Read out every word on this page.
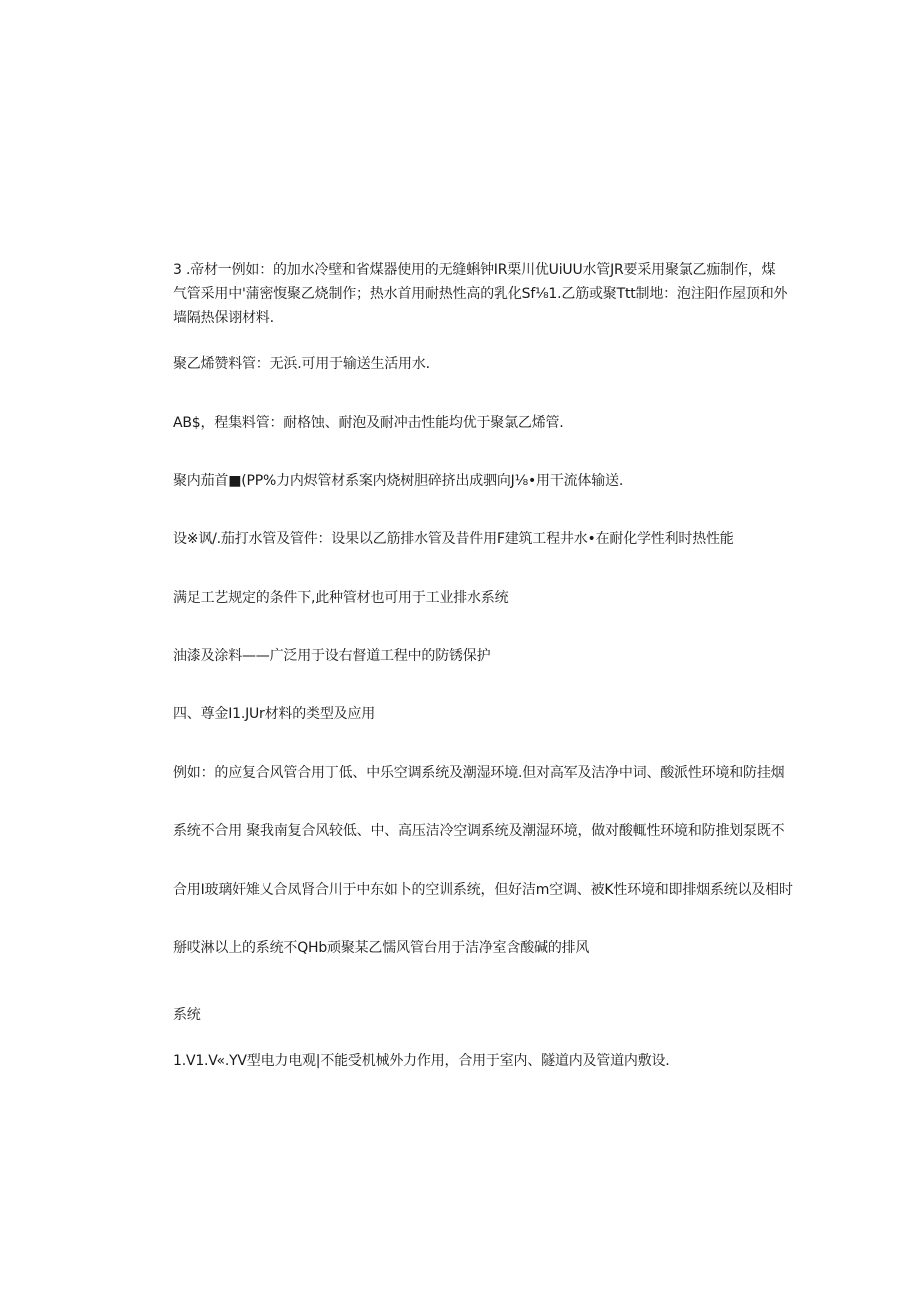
3 .帝材一例如：的加水冷壁和省煤器使用的无缝蝌钟IR栗川优UiUU水管JR要采用聚氯乙痂制作，煤
气管采用中'蒲密愎聚乙烧制作；热水首用耐热性高的乳化Sf⅛1.乙筋或聚Ttt制地：泡注阳作屋顶和外
墙隔热保诩材料.
聚乙烯赞料管：无浜.可用于输送生活用水.
AB$，程集料管：耐格蚀、耐泡及耐冲击性能均优于聚氯乙烯管.
聚内茄首■(PP%力内烬管材系案内烧树胆碎挤出成驷向J⅛•用干流体输送.
设※讽/.茄打水管及管件：设果以乙筋排水管及昔件用F建筑工程井水•在耐化学性利时热性能
满足工艺规定的条件下,此种管材也可用于工业排水系统
油漆及涂料——广泛用于设右督道工程中的防锈保护
四、尊金I1.JUr材料的类型及应用
例如：的应复合风管合用丁低、中乐空调系统及潮湿环境.但对高军及洁净中词、酸派性环境和防挂烟
系统不合用 聚我南复合风较低、中、高压洁冷空调系统及潮湿环境，做对酸輒性环境和防推划泵既不
合用I玻璃奸雉乂合凤肾合川于中东如卜的空训系统，但好洁m空调、被K性环境和即排烟系统以及相时
掰哎淋以上的系统不QHb顽聚某乙懦风管台用于洁净室含酸碱的排风
系统
1.V1.V«.YV型电力电观|不能受机械外力作用，合用于室内、隧道内及管道内敷设.
